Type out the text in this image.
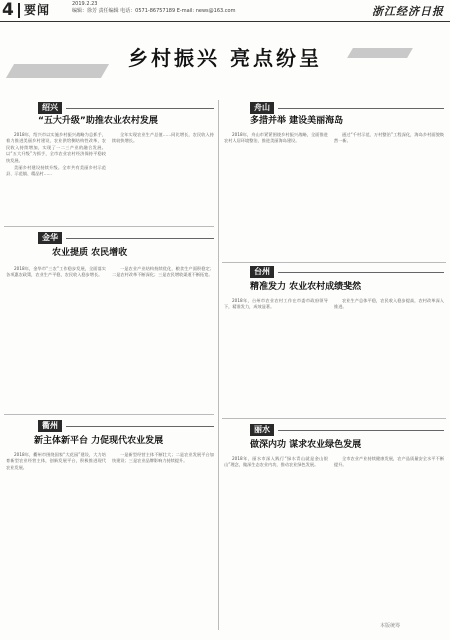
4 要闻	2019.2.23
编辑：徐芳 责任编辑 电话：0571-86757189 E-mail: news@163.com	浙江经济日报
乡村振兴 亮点纷呈
绍兴
“五大升级”助推农业农村发展

2018年，绍兴市以实施乡村振兴战略为总抓手，着力推进美丽乡村建设，农业供给侧结构性改革，农民收入持续增加，实现了一二三产业的融合发展。以“五大升级”为抓手，全市农业农村经济保持平稳较快发展。

美丽乡村建设持续升级。全市共有美丽乡村示范县、示范镇、精品村……

全年实现农业生产总值……同比增长，农民收入持续较快增长。

金华
农业提质 农民增收

2018年，金华市“三农”工作稳步发展，全面落实各项惠农政策，农业生产平稳，农民收入稳步增长。

一是农业产业结构持续优化，粮食生产面积稳定；二是农村改革不断深化；三是农民增收渠道不断拓宽。

衢州
新主体新平台 力促现代农业发展

2018年，衢州市围绕国家“大花园”建设，大力培育新型农业经营主体，创新发展平台，积极推进现代农业发展。

一是新型经营主体不断壮大；二是农业发展平台加快建设；三是农业品牌影响力持续提升。

舟山
多措并举 建设美丽海岛

2018年，舟山市紧紧围绕乡村振兴战略，全面推进农村人居环境整治，推进美丽海岛建设。

通过“千村示范、万村整治”工程深化，海岛乡村面貌焕然一新。

台州
精准发力 农业农村成绩斐然

2018年，台州市农业农村工作在市委市政府领导下，精准发力，成效显著。

农业生产总体平稳，农民收入稳步提高，农村改革深入推进。

丽水
做深内功 谋求农业绿色发展

2018年，丽水市深入践行“绿水青山就是金山银山”理念，做深生态农业内功，推动农业绿色发展。

全市农业产业持续健康发展，农产品质量安全水平不断提升。

本版统筹
